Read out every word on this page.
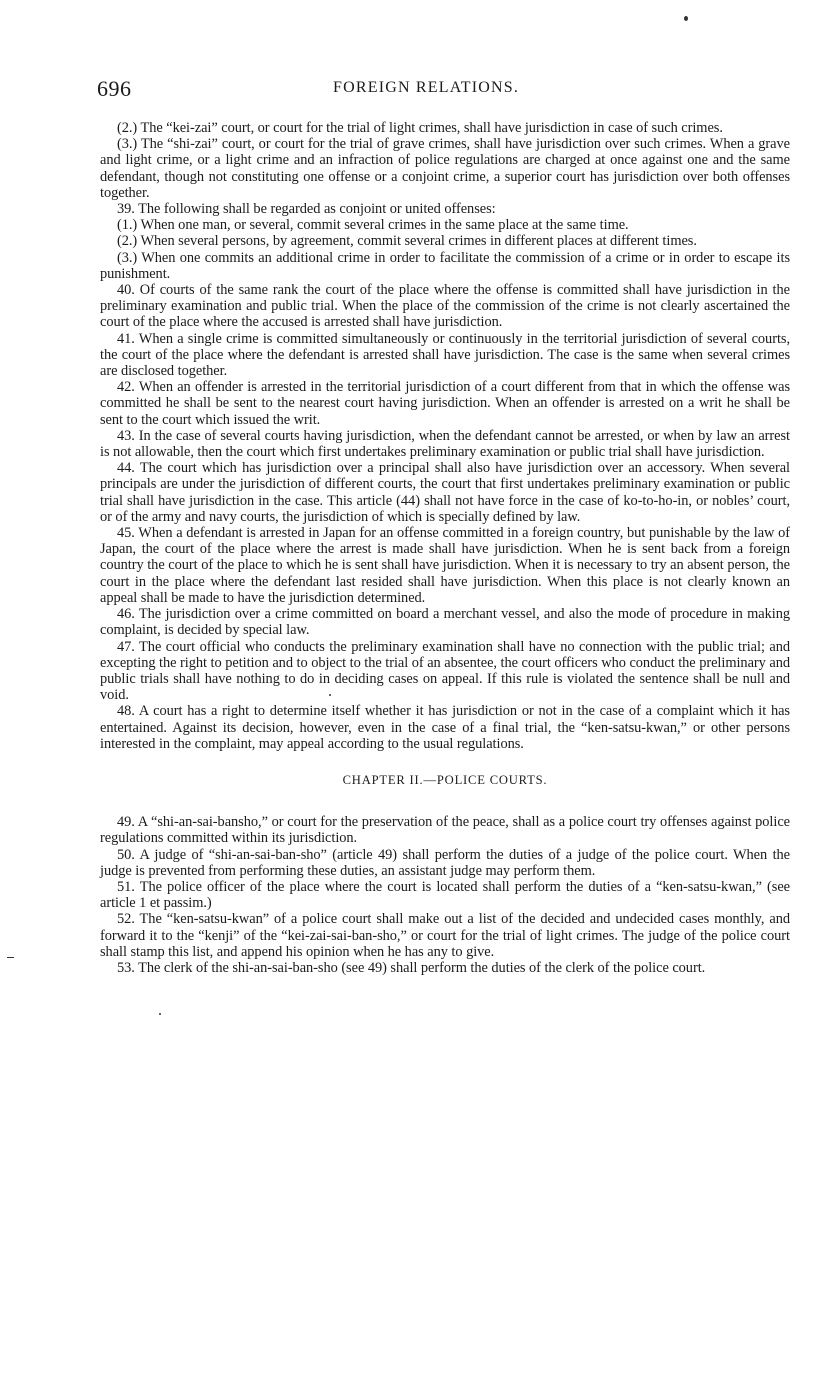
696	FOREIGN RELATIONS.

(2.) The “kei-zai” court, or court for the trial of light crimes, shall have jurisdiction in case of such crimes.

(3.) The “shi-zai” court, or court for the trial of grave crimes, shall have jurisdiction over such crimes. When a grave and light crime, or a light crime and an infraction of police regulations are charged at once against one and the same defendant, though not constituting one offense or a conjoint crime, a superior court has jurisdiction over both offenses together.

39. The following shall be regarded as conjoint or united offenses:

(1.) When one man, or several, commit several crimes in the same place at the same time.

(2.) When several persons, by agreement, commit several crimes in different places at different times.

(3.) When one commits an additional crime in order to facilitate the commission of a crime or in order to escape its punishment.

40. Of courts of the same rank the court of the place where the offense is committed shall have jurisdiction in the preliminary examination and public trial. When the place of the commission of the crime is not clearly ascertained the court of the place where the accused is arrested shall have jurisdiction.

41. When a single crime is committed simultaneously or continuously in the territorial jurisdiction of several courts, the court of the place where the defendant is arrested shall have jurisdiction. The case is the same when several crimes are disclosed together.

42. When an offender is arrested in the territorial jurisdiction of a court different from that in which the offense was committed he shall be sent to the nearest court having jurisdiction. When an offender is arrested on a writ he shall be sent to the court which issued the writ.

43. In the case of several courts having jurisdiction, when the defendant cannot be arrested, or when by law an arrest is not allowable, then the court which first undertakes preliminary examination or public trial shall have jurisdiction.

44. The court which has jurisdiction over a principal shall also have jurisdiction over an accessory. When several principals are under the jurisdiction of different courts, the court that first undertakes preliminary examination or public trial shall have jurisdiction in the case. This article (44) shall not have force in the case of ko-to-ho-in, or nobles’ court, or of the army and navy courts, the jurisdiction of which is specially defined by law.

45. When a defendant is arrested in Japan for an offense committed in a foreign country, but punishable by the law of Japan, the court of the place where the arrest is made shall have jurisdiction. When he is sent back from a foreign country the court of the place to which he is sent shall have jurisdiction. When it is necessary to try an absent person, the court in the place where the defendant last resided shall have jurisdiction. When this place is not clearly known an appeal shall be made to have the jurisdiction determined.

46. The jurisdiction over a crime committed on board a merchant vessel, and also the mode of procedure in making complaint, is decided by special law.

47. The court official who conducts the preliminary examination shall have no connection with the public trial; and excepting the right to petition and to object to the trial of an absentee, the court officers who conduct the preliminary and public trials shall have nothing to do in deciding cases on appeal. If this rule is violated the sentence shall be null and void.

48. A court has a right to determine itself whether it has jurisdiction or not in the case of a complaint which it has entertained. Against its decision, however, even in the case of a final trial, the “ken-satsu-kwan,” or other persons interested in the complaint, may appeal according to the usual regulations.

CHAPTER II.—POLICE COURTS.

49. A “shi-an-sai-bansho,” or court for the preservation of the peace, shall as a police court try offenses against police regulations committed within its jurisdiction.

50. A judge of “shi-an-sai-ban-sho” (article 49) shall perform the duties of a judge of the police court. When the judge is prevented from performing these duties, an assistant judge may perform them.

51. The police officer of the place where the court is located shall perform the duties of a “ken-satsu-kwan,” (see article 1 et passim.)

52. The “ken-satsu-kwan” of a police court shall make out a list of the decided and undecided cases monthly, and forward it to the “kenji” of the “kei-zai-sai-ban-sho,” or court for the trial of light crimes. The judge of the police court shall stamp this list, and append his opinion when he has any to give.

53. The clerk of the shi-an-sai-ban-sho (see 49) shall perform the duties of the clerk of the police court.
